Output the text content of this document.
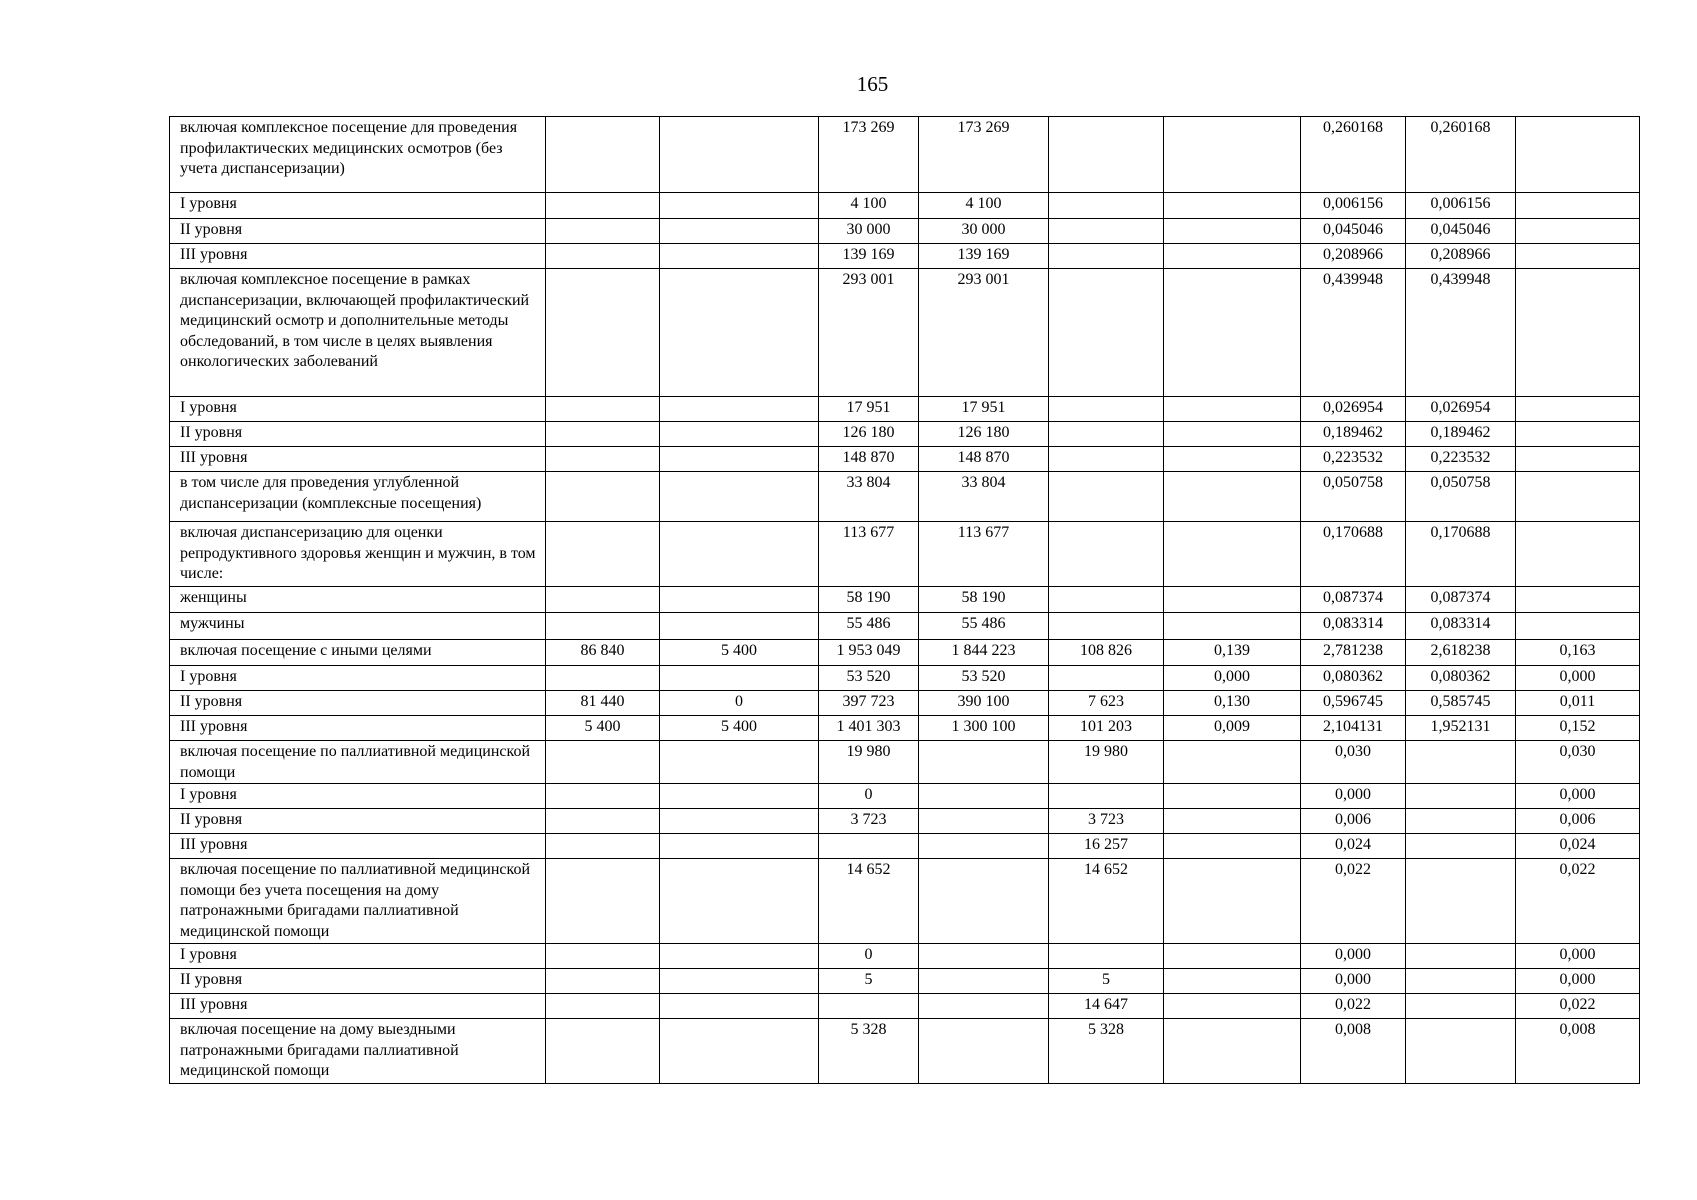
165
включая комплексное посещение для проведения профилактических медицинских осмотров (без учета диспансеризации)			173 269	173 269			0,260168	0,260168	
I уровня			4 100	4 100			0,006156	0,006156	
II уровня			30 000	30 000			0,045046	0,045046	
III уровня			139 169	139 169			0,208966	0,208966	
включая комплексное посещение в рамках диспансеризации, включающей профилактический медицинский осмотр и дополнительные методы обследований, в том числе в целях выявления онкологических заболеваний			293 001	293 001			0,439948	0,439948	
I уровня			17 951	17 951			0,026954	0,026954	
II уровня			126 180	126 180			0,189462	0,189462	
III уровня			148 870	148 870			0,223532	0,223532	
в том числе для проведения углубленной диспансеризации (комплексные посещения)			33 804	33 804			0,050758	0,050758	
включая диспансеризацию для оценки репродуктивного здоровья женщин и мужчин, в том числе:			113 677	113 677			0,170688	0,170688	
женщины			58 190	58 190			0,087374	0,087374	
мужчины			55 486	55 486			0,083314	0,083314	
включая посещение с иными целями	86 840	5 400	1 953 049	1 844 223	108 826	0,139	2,781238	2,618238	0,163
I уровня			53 520	53 520		0,000	0,080362	0,080362	0,000
II уровня	81 440	0	397 723	390 100	7 623	0,130	0,596745	0,585745	0,011
III уровня	5 400	5 400	1 401 303	1 300 100	101 203	0,009	2,104131	1,952131	0,152
включая посещение по паллиативной медицинской помощи			19 980		19 980		0,030		0,030
I уровня			0				0,000		0,000
II уровня			3 723		3 723		0,006		0,006
III уровня					16 257		0,024		0,024
включая посещение по паллиативной медицинской помощи без учета посещения на дому патронажными бригадами паллиативной медицинской помощи			14 652		14 652		0,022		0,022
I уровня			0				0,000		0,000
II уровня			5		5		0,000		0,000
III уровня					14 647		0,022		0,022
включая посещение на дому выездными патронажными бригадами паллиативной медицинской помощи			5 328		5 328		0,008		0,008
